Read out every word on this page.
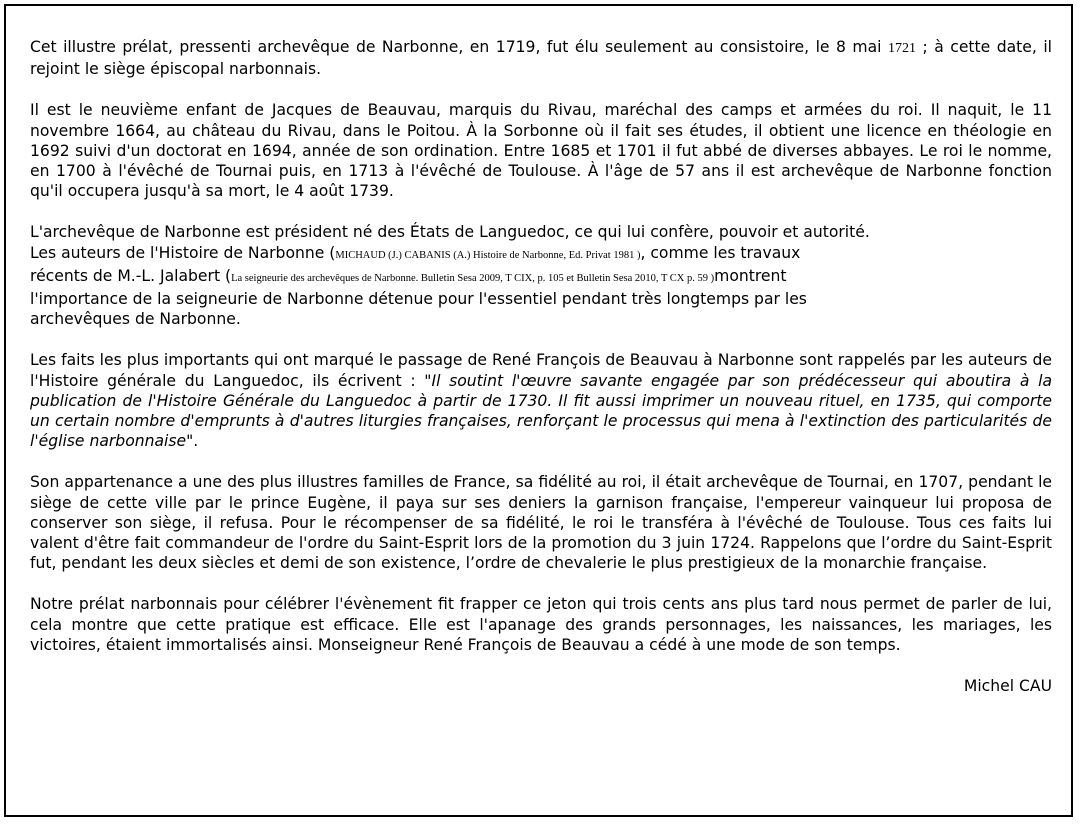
Cet illustre prélat, pressenti archevêque de Narbonne, en 1719, fut élu seulement au consistoire, le 8 mai 1721 ; à cette date, il rejoint le siège épiscopal narbonnais.

Il est le neuvième enfant de Jacques de Beauvau, marquis du Rivau, maréchal des camps et armées du roi. Il naquit, le 11 novembre 1664, au château du Rivau, dans le Poitou. À la Sorbonne où il fait ses études, il obtient une licence en théologie en 1692 suivi d'un doctorat en 1694, année de son ordination. Entre 1685 et 1701 il fut abbé de diverses abbayes. Le roi le nomme, en 1700 à l'évêché de Tournai puis, en 1713 à l'évêché de Toulouse. À l'âge de 57 ans il est archevêque de Narbonne fonction qu'il occupera jusqu'à sa mort, le 4 août 1739.

L'archevêque de Narbonne est président né des États de Languedoc, ce qui lui confère, pouvoir et autorité.
Les auteurs de l'Histoire de Narbonne (MICHAUD (J.) CABANIS (A.) Histoire de Narbonne, Ed. Privat 1981 ), comme les travaux
récents de M.-L. Jalabert (La seigneurie des archevêques de Narbonne. Bulletin Sesa 2009, T CIX, p. 105 et Bulletin Sesa 2010, T CX p. 59 )montrent
l'importance de la seigneurie de Narbonne détenue pour l'essentiel pendant très longtemps par les
archevêques de Narbonne.

Les faits les plus importants qui ont marqué le passage de René François de Beauvau à Narbonne sont rappelés par les auteurs de l'Histoire générale du Languedoc, ils écrivent : "Il soutint l'œuvre savante engagée par son prédécesseur qui aboutira à la publication de l'Histoire Générale du Languedoc à partir de 1730. Il fit aussi imprimer un nouveau rituel, en 1735, qui comporte un certain nombre d'emprunts à d'autres liturgies françaises, renforçant le processus qui mena à l'extinction des particularités de l'église narbonnaise".

Son appartenance a une des plus illustres familles de France, sa fidélité au roi, il était archevêque de Tournai, en 1707, pendant le siège de cette ville par le prince Eugène, il paya sur ses deniers la garnison française, l'empereur vainqueur lui proposa de conserver son siège, il refusa. Pour le récompenser de sa fidélité, le roi le transféra à l'évêché de Toulouse. Tous ces faits lui valent d'être fait commandeur de l'ordre du Saint-Esprit lors de la promotion du 3 juin 1724. Rappelons que l’ordre du Saint-Esprit fut, pendant les deux siècles et demi de son existence, l’ordre de chevalerie le plus prestigieux de la monarchie française.

Notre prélat narbonnais pour célébrer l'évènement fit frapper ce jeton qui trois cents ans plus tard nous permet de parler de lui, cela montre que cette pratique est efficace. Elle est l'apanage des grands personnages, les naissances, les mariages, les victoires, étaient immortalisés ainsi. Monseigneur René François de Beauvau a cédé à une mode de son temps.

Michel CAU
